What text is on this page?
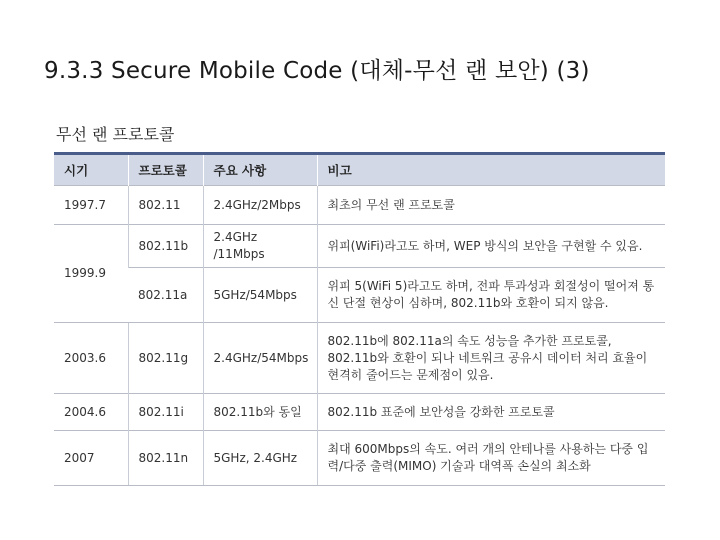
9.3.3 Secure Mobile Code (대체-무선 랜 보안) (3)
무선 랜 프로토콜
시기	프로토콜	주요 사항	비고
1997.7	802.11	2.4GHz/2Mbps	최초의 무선 랜 프로토콜
1999.9	802.11b	2.4GHz /11Mbps	위피(WiFi)라고도 하며, WEP 방식의 보안을 구현할 수 있음.
	802.11a	5GHz/54Mbps	위피 5(WiFi 5)라고도 하며, 전파 투과성과 회절성이 떨어져 통신 단절 현상이 심하며, 802.11b와 호환이 되지 않음.
2003.6	802.11g	2.4GHz/54Mbps	802.11b에 802.11a의 속도 성능을 추가한 프로토콜, 802.11b와 호환이 되나 네트워크 공유시 데이터 처리 효율이 현격히 줄어드는 문제점이 있음.
2004.6	802.11i	802.11b와 동일	802.11b 표준에 보안성을 강화한 프로토콜
2007	802.11n	5GHz, 2.4GHz	최대 600Mbps의 속도. 여러 개의 안테나를 사용하는 다중 입력/다중 출력(MIMO) 기술과 대역폭 손실의 최소화
